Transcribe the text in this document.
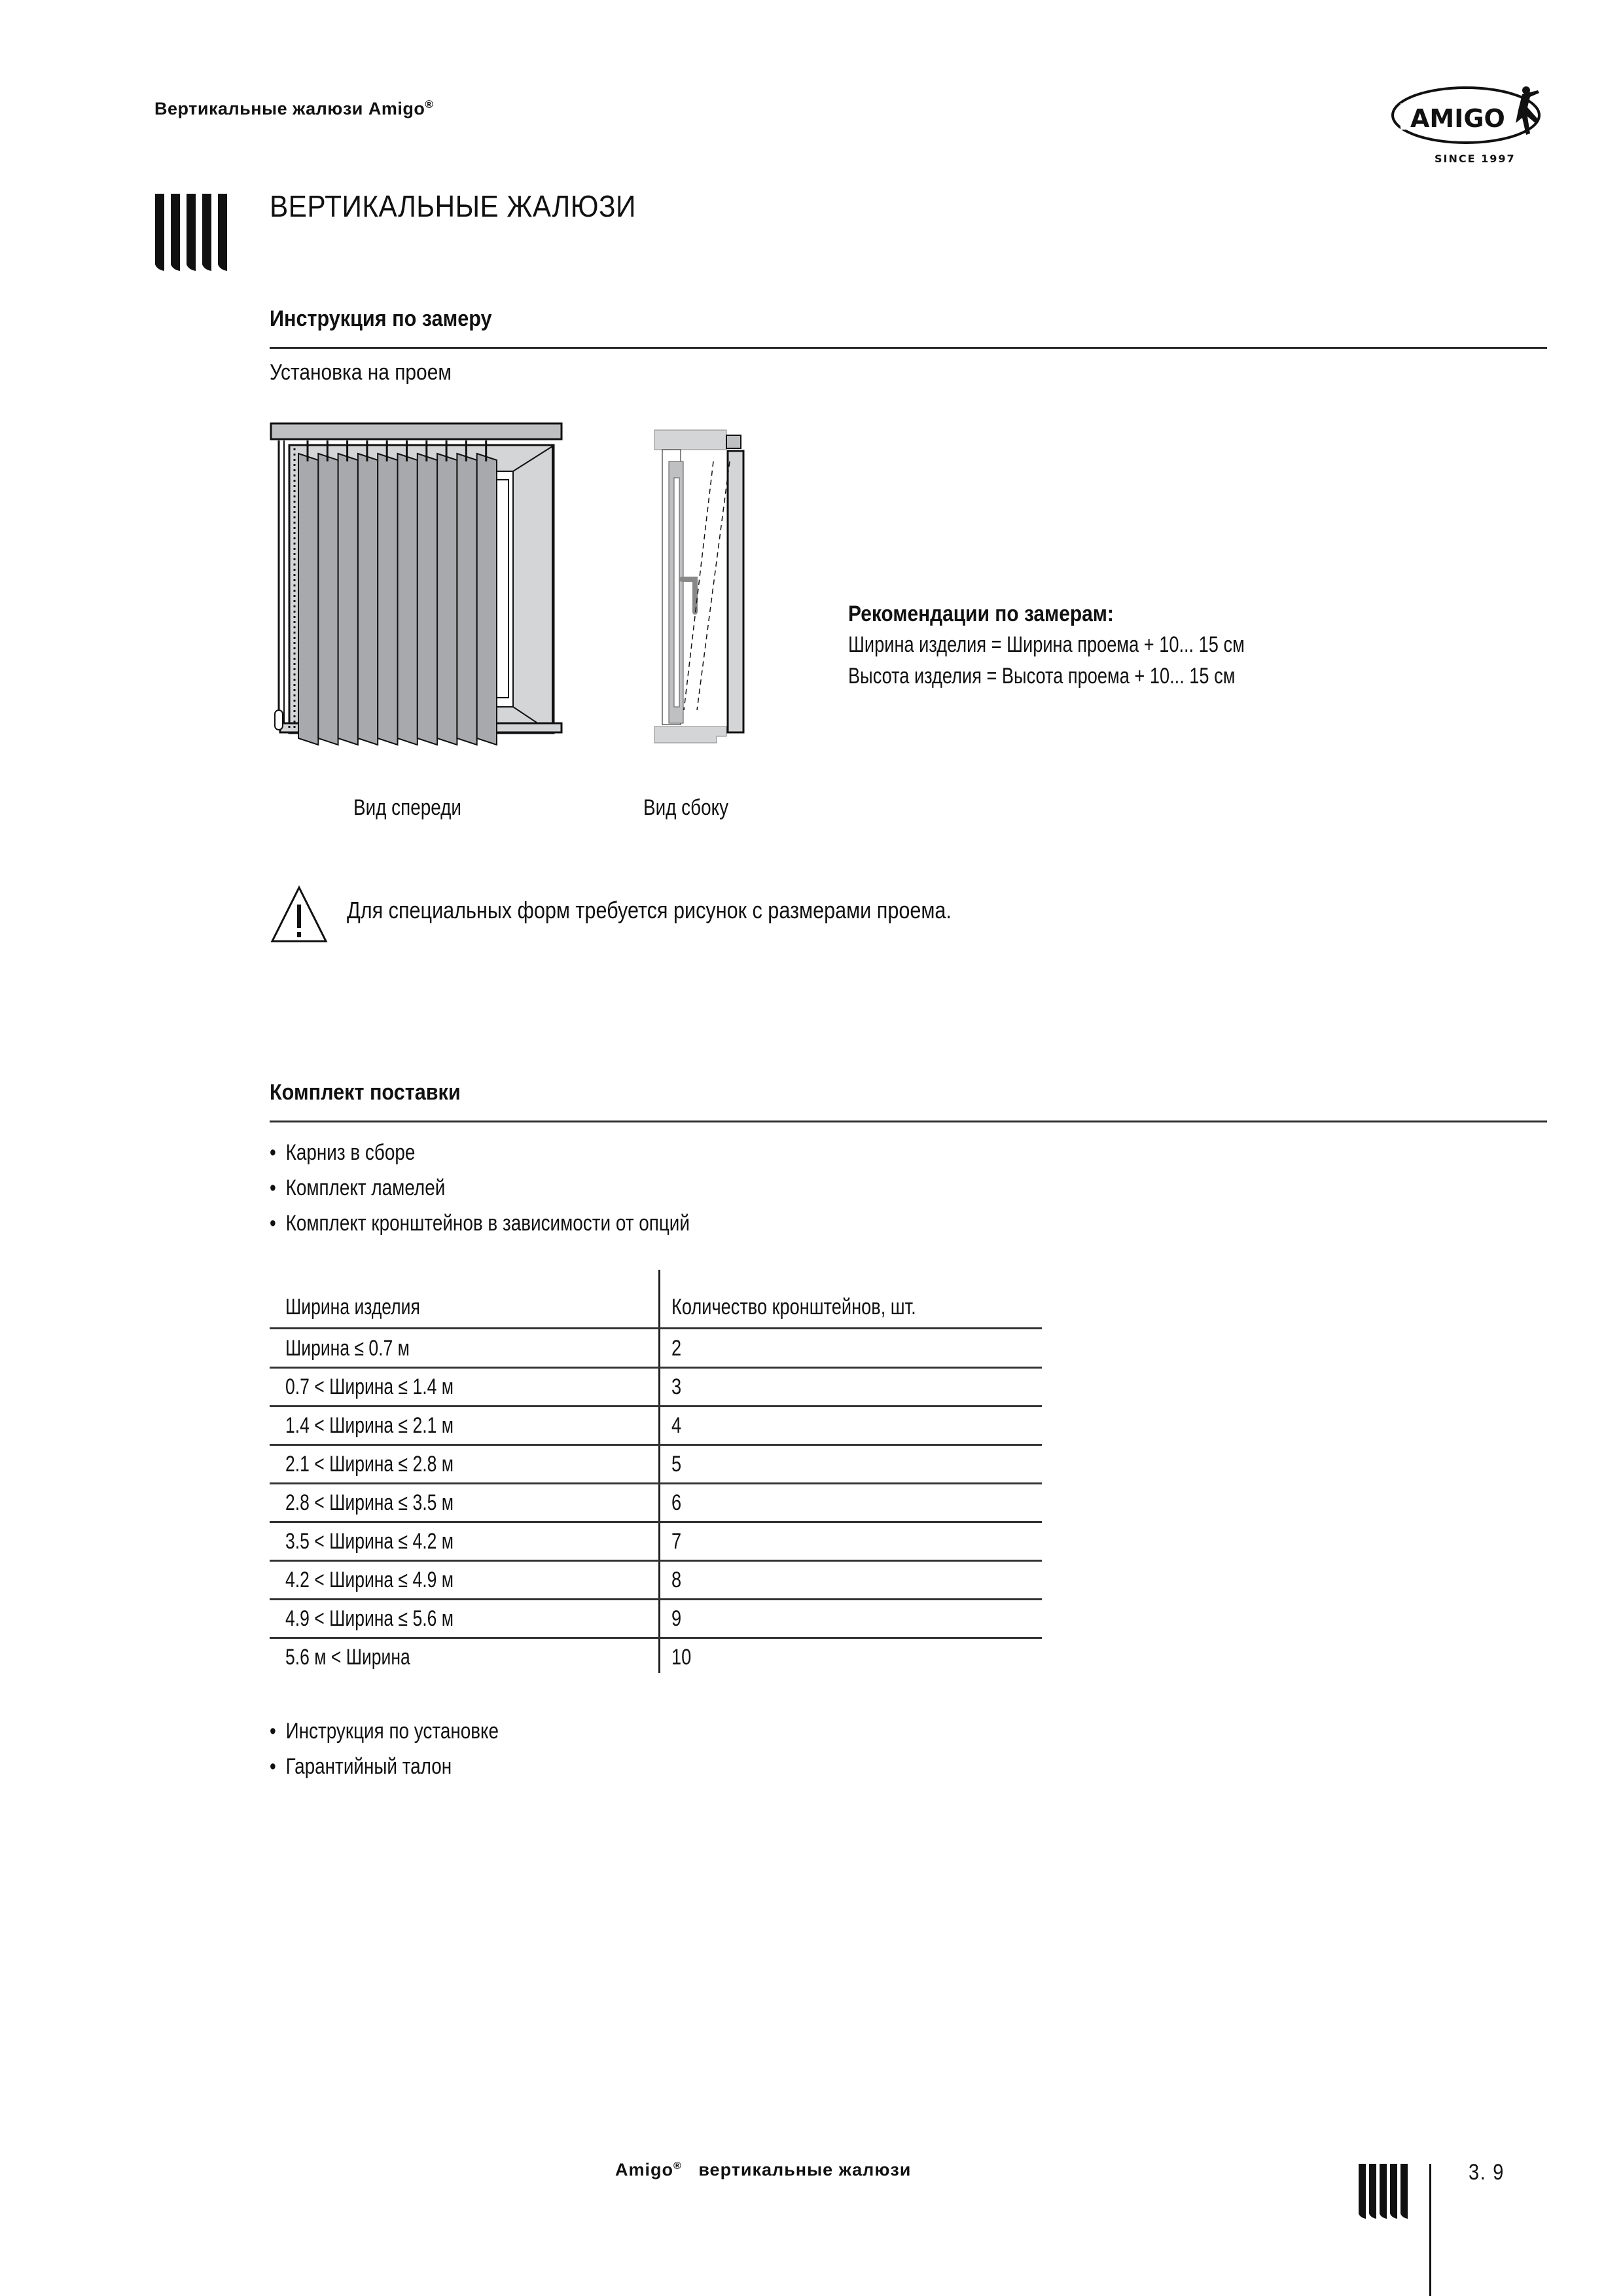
Вертикальные жалюзи Amigo®	AMIGO
SINCE 1997
ВЕРТИКАЛЬНЫЕ ЖАЛЮЗИ
Инструкция по замеру
Установка на проем
Вид спереди	Вид сбоку
Рекомендации по замерам:
Ширина изделия = Ширина проема + 10... 15 см
Высота изделия = Высота проема + 10... 15 см
Для специальных форм требуется рисунок с размерами проема.
Комплект поставки
• Карниз в сборе
• Комплект ламелей
• Комплект кронштейнов в зависимости от опций
Ширина изделия	Количество кронштейнов, шт.
Ширина ≤ 0.7 м	2
0.7 < Ширина ≤ 1.4 м	3
1.4 < Ширина ≤ 2.1 м	4
2.1 < Ширина ≤ 2.8 м	5
2.8 < Ширина ≤ 3.5 м	6
3.5 < Ширина ≤ 4.2 м	7
4.2 < Ширина ≤ 4.9 м	8
4.9 < Ширина ≤ 5.6 м	9
5.6 м < Ширина	10
• Инструкция по установке
• Гарантийный талон
Amigo® вертикальные жалюзи	3. 9
